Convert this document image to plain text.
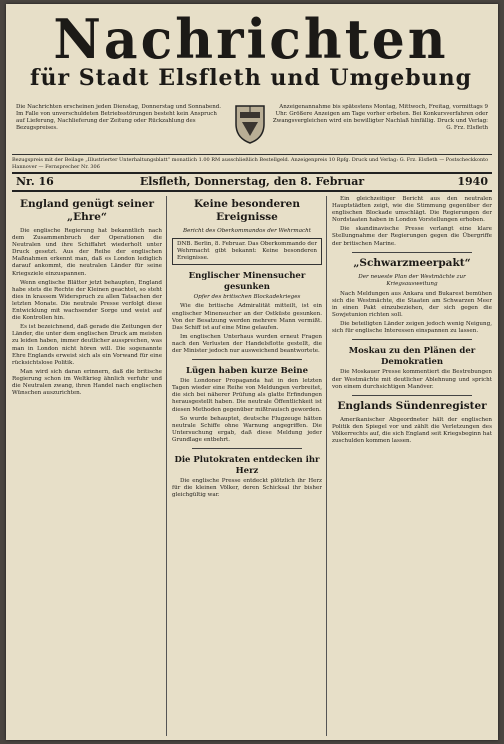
Nachrichten
für Stadt Elsfleth und Umgebung
Die Nachrichten erscheinen jeden Dienstag, Donnerstag und Sonnabend. Im Falle von unverschuldeten Betriebsstörungen besteht kein Anspruch auf Lieferung, Nachlieferung der Zeitung oder Rückzahlung des Bezugspreises.
Anzeigenannahme bis spätestens Montag, Mittwoch, Freitag, vormittags 9 Uhr. Größere Anzeigen am Tage vorher erbeten. Bei Konkursverfahren oder Zwangsvergleichen wird ein bewilligter Nachlaß hinfällig. Druck und Verlag: G. Frz. Elsfleth
Bezugspreis mit der Beilage „Illustrierter Unterhaltungsblatt“ monatlich 1.00 RM ausschließlich Bestellgeld. Anzeigenpreis 10 Rpfg. Druck und Verlag: G. Frz. Elsfleth — Postscheckkonto Hannover — Fernsprecher Nr. 306
Elsfleth, Donnerstag, den 8. Februar
Nr. 16	1940
England genügt seiner „Ehre“

Die englische Regierung hat bekanntlich nach dem Zusammenbruch der Operationen die Neutralen und ihre Schiffahrt wiederholt unter Druck gesetzt. Aus der Reihe der englischen Maßnahmen erkennt man, daß es London lediglich darauf ankommt, die neutralen Länder für seine Kriegsziele einzuspannen.

Wenn englische Blätter jetzt behaupten, England habe stets die Rechte der Kleinen geachtet, so steht dies in krassem Widerspruch zu allen Tatsachen der letzten Monate. Die neutrale Presse verfolgt diese Entwicklung mit wachsender Sorge und weist auf die Kontrollen hin.

Es ist bezeichnend, daß gerade die Zeitungen der Länder, die unter dem englischen Druck am meisten zu leiden haben, immer deutlicher aussprechen, was man in London nicht hören will. Die sogenannte Ehre Englands erweist sich als ein Vorwand für eine rücksichtslose Politik.

Man wird sich daran erinnern, daß die britische Regierung schon im Weltkrieg ähnlich verfuhr und die Neutralen zwang, ihren Handel nach englischen Wünschen auszurichten.

Keine besonderen Ereignisse
Bericht des Oberkommandos der Wehrmacht
DNB. Berlin, 8. Februar. Das Oberkommando der Wehrmacht gibt bekannt: Keine besonderen Ereignisse.
Englischer Minensucher gesunken

Opfer des britischen Blockadekrieges

Wie die britische Admiralität mitteilt, ist ein englischer Minensucher an der Ostküste gesunken. Von der Besatzung werden mehrere Mann vermißt. Das Schiff ist auf eine Mine gelaufen.

Im englischen Unterhaus wurden erneut Fragen nach den Verlusten der Handelsflotte gestellt, die der Minister jedoch nur ausweichend beantwortete.

Lügen haben kurze Beine

Die Londoner Propaganda hat in den letzten Tagen wieder eine Reihe von Meldungen verbreitet, die sich bei näherer Prüfung als glatte Erfindungen herausgestellt haben. Die neutrale Öffentlichkeit ist diesen Methoden gegenüber mißtrauisch geworden.

So wurde behauptet, deutsche Flugzeuge hätten neutrale Schiffe ohne Warnung angegriffen. Die Untersuchung ergab, daß diese Meldung jeder Grundlage entbehrt.

Die Plutokraten entdecken ihr Herz

Die englische Presse entdeckt plötzlich ihr Herz für die kleinen Völker, deren Schicksal ihr bisher gleichgültig war.

Ein gleichzeitiger Bericht aus den neutralen Hauptstädten zeigt, wie die Stimmung gegenüber der englischen Blockade umschlägt. Die Regierungen der Nordstaaten haben in London Vorstellungen erhoben.

Die skandinavische Presse verlangt eine klare Stellungnahme der Regierungen gegen die Übergriffe der britischen Marine.

„Schwarzmeerpakt“
Der neueste Plan der Westmächte zur Kriegsausweitung

Nach Meldungen aus Ankara und Bukarest bemühen sich die Westmächte, die Staaten am Schwarzen Meer in einen Pakt einzubeziehen, der sich gegen die Sowjetunion richten soll.

Die beteiligten Länder zeigen jedoch wenig Neigung, sich für englische Interessen einspannen zu lassen.

Moskau zu den Plänen der Demokratien

Die Moskauer Presse kommentiert die Bestrebungen der Westmächte mit deutlicher Ablehnung und spricht von einem durchsichtigen Manöver.

Englands Sündenregister

Amerikanischer Abgeordneter hält der englischen Politik den Spiegel vor und zählt die Verletzungen des Völkerrechts auf, die sich England seit Kriegsbeginn hat zuschulden kommen lassen.
